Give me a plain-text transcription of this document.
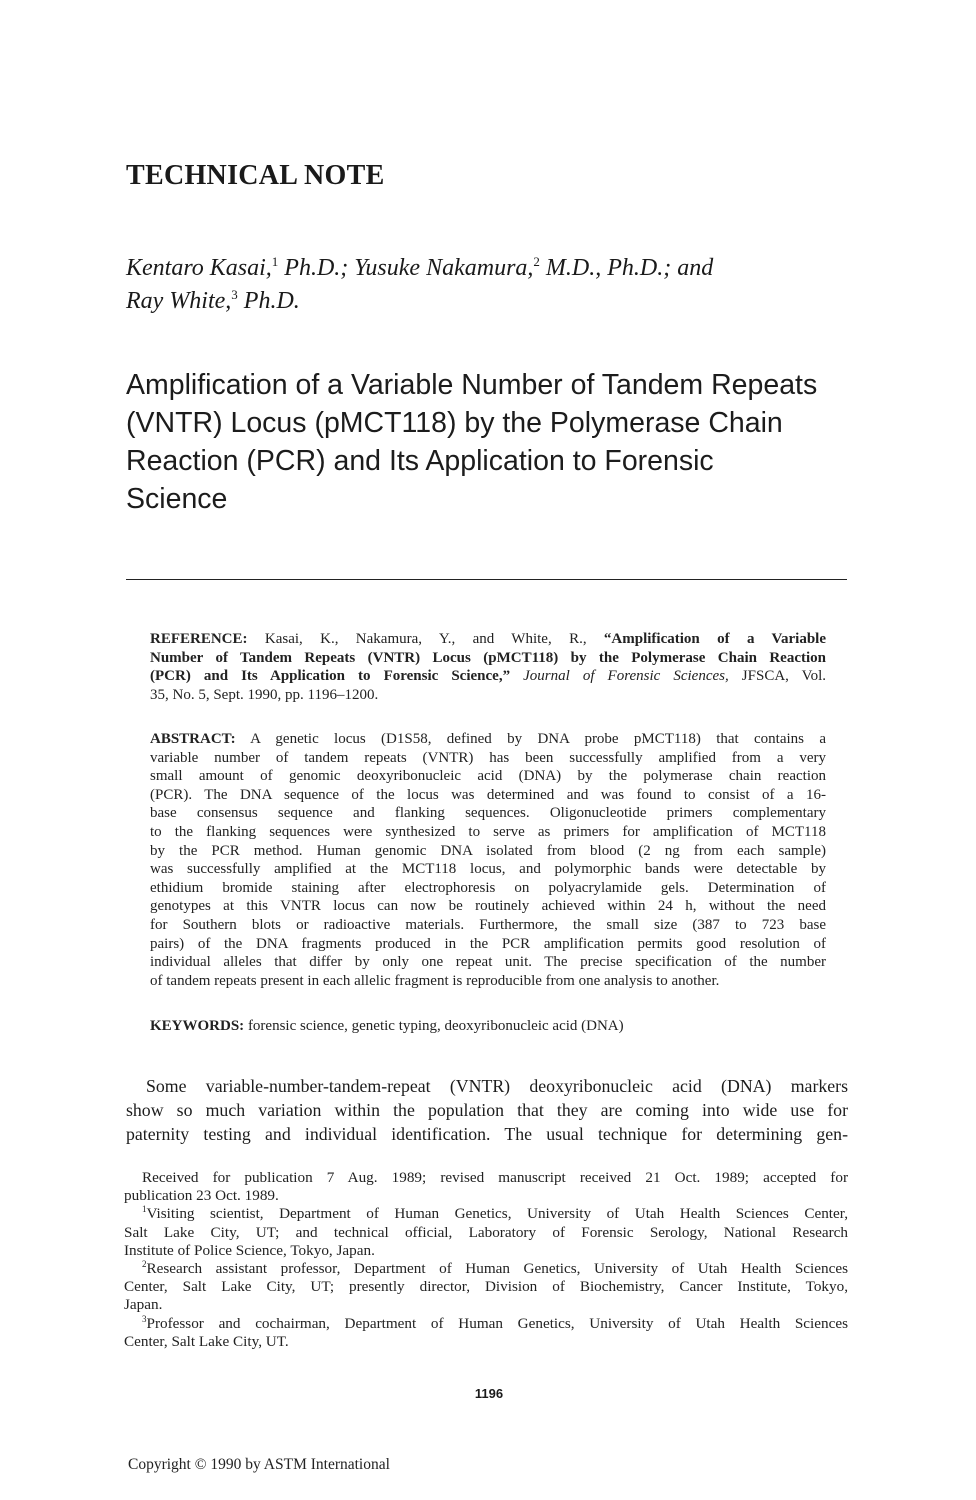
TECHNICAL NOTE
Kentaro Kasai,$^1$ Ph.D.; Yusuke Nakamura,$^2$ M.D., Ph.D.; and
Ray White,$^3$ Ph.D.
Amplification of a Variable Number of Tandem Repeats
(VNTR) Locus (pMCT118) by the Polymerase Chain
Reaction (PCR) and Its Application to Forensic
Science
REFERENCE: Kasai, K., Nakamura, Y., and White, R., “Amplification of a Variable
Number of Tandem Repeats (VNTR) Locus (pMCT118) by the Polymerase Chain Reaction
(PCR) and Its Application to Forensic Science,” Journal of Forensic Sciences, JFSCA, Vol.
35, No. 5, Sept. 1990, pp. 1196–1200.
ABSTRACT: A genetic locus (D1S58, defined by DNA probe pMCT118) that contains a
variable number of tandem repeats (VNTR) has been successfully amplified from a very
small amount of genomic deoxyribonucleic acid (DNA) by the polymerase chain reaction
(PCR). The DNA sequence of the locus was determined and was found to consist of a 16-
base consensus sequence and flanking sequences. Oligonucleotide primers complementary
to the flanking sequences were synthesized to serve as primers for amplification of MCT118
by the PCR method. Human genomic DNA isolated from blood (2 ng from each sample)
was successfully amplified at the MCT118 locus, and polymorphic bands were detectable by
ethidium bromide staining after electrophoresis on polyacrylamide gels. Determination of
genotypes at this VNTR locus can now be routinely achieved within 24 h, without the need
for Southern blots or radioactive materials. Furthermore, the small size (387 to 723 base
pairs) of the DNA fragments produced in the PCR amplification permits good resolution of
individual alleles that differ by only one repeat unit. The precise specification of the number
of tandem repeats present in each allelic fragment is reproducible from one analysis to another.
KEYWORDS: forensic science, genetic typing, deoxyribonucleic acid (DNA)
Some variable-number-tandem-repeat (VNTR) deoxyribonucleic acid (DNA) markers
show so much variation within the population that they are coming into wide use for
paternity testing and individual identification. The usual technique for determining gen-
Received for publication 7 Aug. 1989; revised manuscript received 21 Oct. 1989; accepted for
publication 23 Oct. 1989.
$^1$Visiting scientist, Department of Human Genetics, University of Utah Health Sciences Center,
Salt Lake City, UT; and technical official, Laboratory of Forensic Serology, National Research
Institute of Police Science, Tokyo, Japan.
$^2$Research assistant professor, Department of Human Genetics, University of Utah Health Sciences
Center, Salt Lake City, UT; presently director, Division of Biochemistry, Cancer Institute, Tokyo,
Japan.
$^3$Professor and cochairman, Department of Human Genetics, University of Utah Health Sciences
Center, Salt Lake City, UT.
1196
Copyright © 1990 by ASTM International
